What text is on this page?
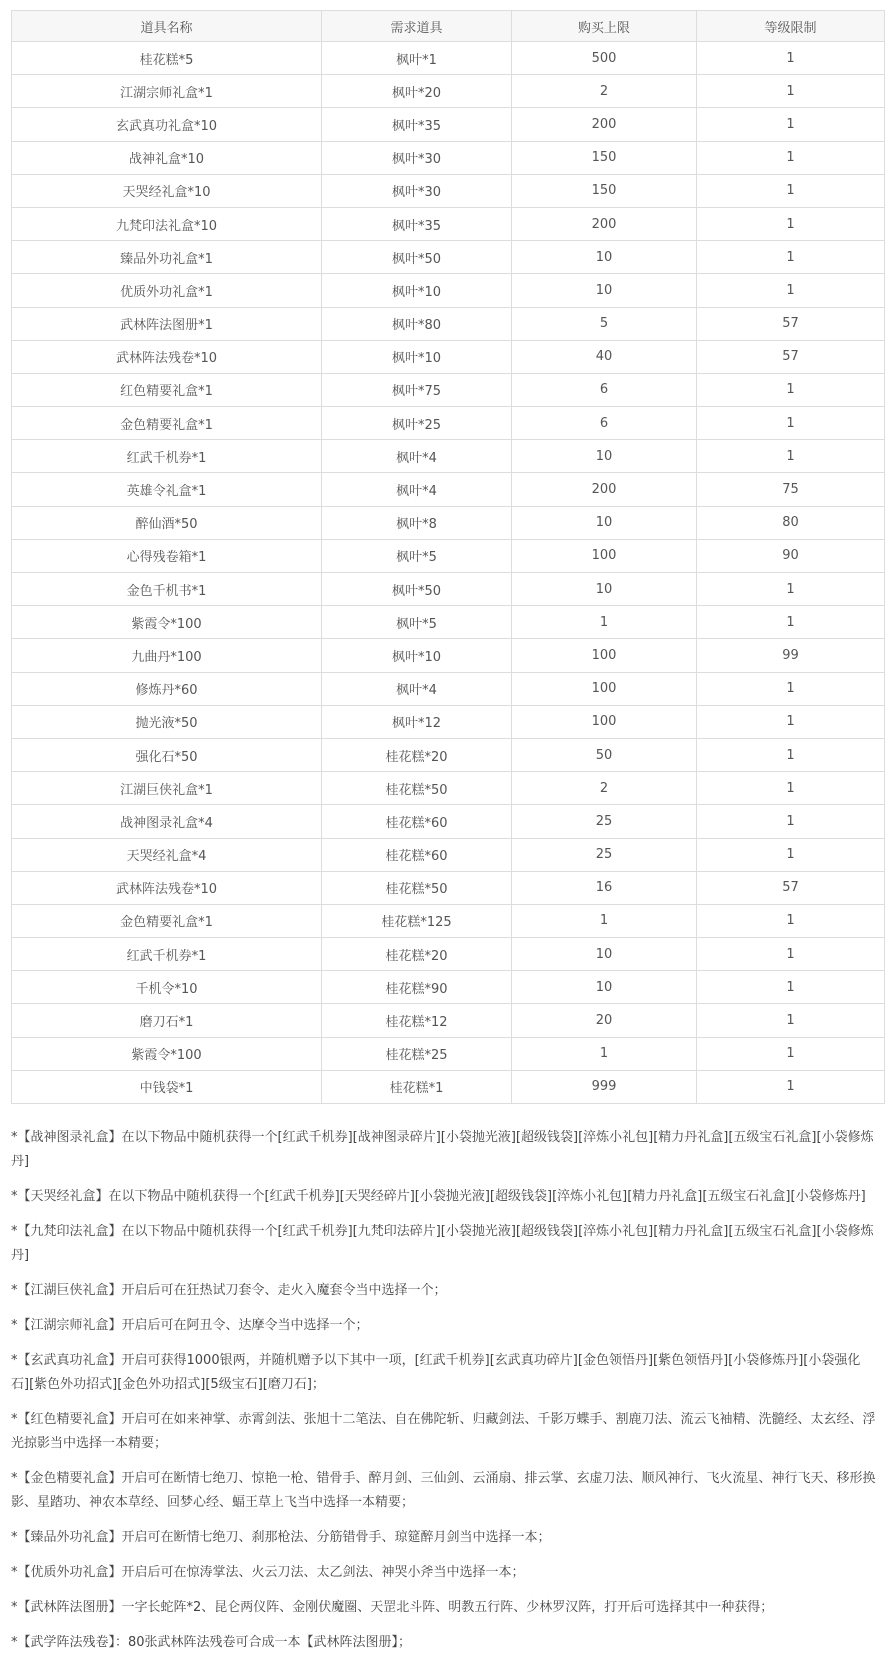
道具名称	需求道具	购买上限	等级限制
桂花糕*5	枫叶*1	500	1
江湖宗师礼盒*1	枫叶*20	2	1
玄武真功礼盒*10	枫叶*35	200	1
战神礼盒*10	枫叶*30	150	1
天哭经礼盒*10	枫叶*30	150	1
九梵印法礼盒*10	枫叶*35	200	1
臻品外功礼盒*1	枫叶*50	10	1
优质外功礼盒*1	枫叶*10	10	1
武林阵法图册*1	枫叶*80	5	57
武林阵法残卷*10	枫叶*10	40	57
红色精要礼盒*1	枫叶*75	6	1
金色精要礼盒*1	枫叶*25	6	1
红武千机券*1	枫叶*4	10	1
英雄令礼盒*1	枫叶*4	200	75
醉仙酒*50	枫叶*8	10	80
心得残卷箱*1	枫叶*5	100	90
金色千机书*1	枫叶*50	10	1
紫霞令*100	枫叶*5	1	1
九曲丹*100	枫叶*10	100	99
修炼丹*60	枫叶*4	100	1
抛光液*50	枫叶*12	100	1
强化石*50	桂花糕*20	50	1
江湖巨侠礼盒*1	桂花糕*50	2	1
战神图录礼盒*4	桂花糕*60	25	1
天哭经礼盒*4	桂花糕*60	25	1
武林阵法残卷*10	桂花糕*50	16	57
金色精要礼盒*1	桂花糕*125	1	1
红武千机券*1	桂花糕*20	10	1
千机令*10	桂花糕*90	10	1
磨刀石*1	桂花糕*12	20	1
紫霞令*100	桂花糕*25	1	1
中钱袋*1	桂花糕*1	999	1

*【战神图录礼盒】在以下物品中随机获得一个[红武千机券][战神图录碎片][小袋抛光液][超级钱袋][淬炼小礼包][精力丹礼盒][五级宝石礼盒][小袋修炼丹]

*【天哭经礼盒】在以下物品中随机获得一个[红武千机券][天哭经碎片][小袋抛光液][超级钱袋][淬炼小礼包][精力丹礼盒][五级宝石礼盒][小袋修炼丹]

*【九梵印法礼盒】在以下物品中随机获得一个[红武千机券][九梵印法碎片][小袋抛光液][超级钱袋][淬炼小礼包][精力丹礼盒][五级宝石礼盒][小袋修炼丹]

*【江湖巨侠礼盒】开启后可在狂热试刀套令、走火入魔套令当中选择一个；

*【江湖宗师礼盒】开启后可在阿丑令、达摩令当中选择一个；

*【玄武真功礼盒】开启可获得1000银两，并随机赠予以下其中一项，[红武千机券][玄武真功碎片][金色领悟丹][紫色领悟丹][小袋修炼丹][小袋强化石][紫色外功招式][金色外功招式][5级宝石][磨刀石]；

*【红色精要礼盒】开启可在如来神掌、赤霄剑法、张旭十二笔法、自在佛陀斩、归藏剑法、千影万蝶手、割鹿刀法、流云飞袖精、洗髓经、太玄经、浮光掠影当中选择一本精要；

*【金色精要礼盒】开启可在断情七绝刀、惊艳一枪、错骨手、醉月剑、三仙剑、云涌扇、排云掌、玄虚刀法、顺风神行、飞火流星、神行飞天、移形换影、星踏功、神农本草经、回梦心经、蝠王草上飞当中选择一本精要；

*【臻品外功礼盒】开启可在断情七绝刀、刹那枪法、分筋错骨手、琼筵醉月剑当中选择一本；

*【优质外功礼盒】开启后可在惊涛掌法、火云刀法、太乙剑法、神哭小斧当中选择一本；

*【武林阵法图册】一字长蛇阵*2、昆仑两仪阵、金刚伏魔圈、天罡北斗阵、明教五行阵、少林罗汉阵，打开后可选择其中一种获得；

*【武学阵法残卷】：80张武林阵法残卷可合成一本【武林阵法图册】；
